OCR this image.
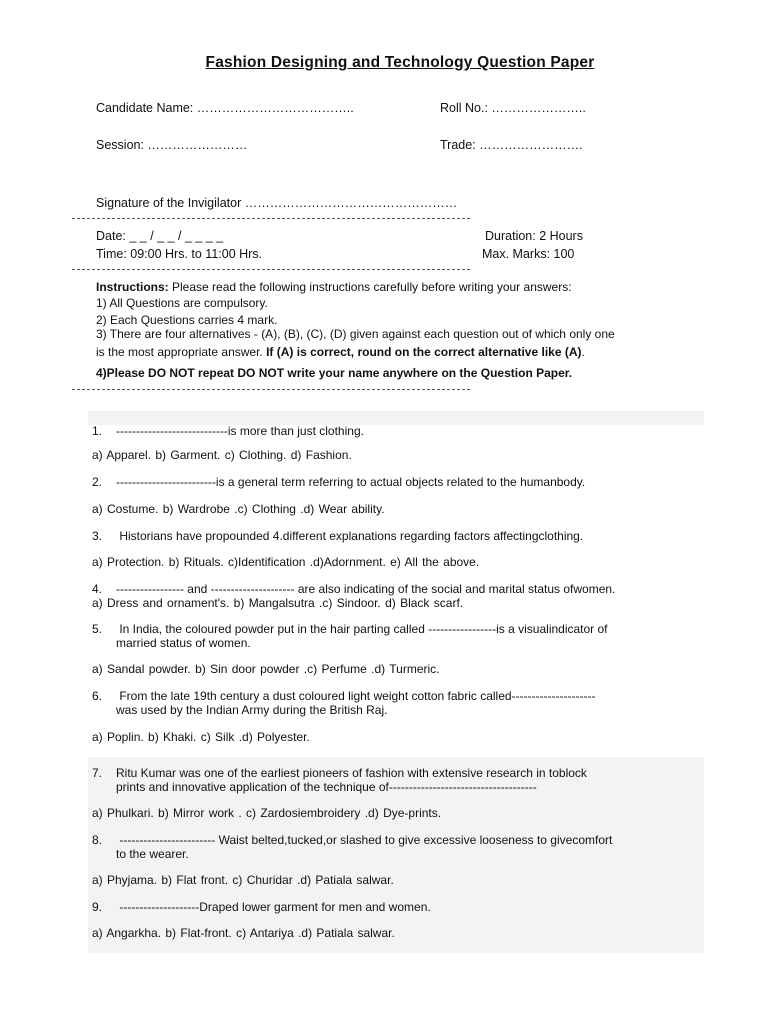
Fashion Designing and Technology Question Paper
Candidate Name: ………………………………..	Roll No.: …………………..
Session: ……………………	Trade: …………………….
Signature of the Invigilator ……………………………………………
Date: _ _ / _ _ / _ _ _ _	Duration: 2 Hours
Time: 09:00 Hrs. to 11:00 Hrs.	Max. Marks: 100
Instructions: Please read the following instructions carefully before writing your answers:
1) All Questions are compulsory.
2) Each Questions carries 4 mark.
3) There are four alternatives - (A), (B), (C), (D) given against each question out of which only one
is the most appropriate answer. If (A) is correct, round on the correct alternative like (A).
4)Please DO NOT repeat DO NOT write your name anywhere on the Question Paper.
1. ----------------------------is more than just clothing.
a) Apparel. b) Garment. c) Clothing. d) Fashion.
2. -------------------------is a general term referring to actual objects related to the humanbody.
a) Costume. b) Wardrobe .c) Clothing .d) Wear ability.
3. Historians have propounded 4.different explanations regarding factors affectingclothing.
a) Protection. b) Rituals. c)Identification .d)Adornment. e) All the above.
4. ----------------- and --------------------- are also indicating of the social and marital status ofwomen.
a) Dress and ornament's. b) Mangalsutra .c) Sindoor. d) Black scarf.
5. In India, the coloured powder put in the hair parting called -----------------is a visualindicator of
married status of women.
a) Sandal powder. b) Sin door powder .c) Perfume .d) Turmeric.
6. From the late 19th century a dust coloured light weight cotton fabric called---------------------
was used by the Indian Army during the British Raj.
a) Poplin. b) Khaki. c) Silk .d) Polyester.
7. Ritu Kumar was one of the earliest pioneers of fashion with extensive research in toblock
prints and innovative application of the technique of-------------------------------------
a) Phulkari. b) Mirror work . c) Zardosiembroidery .d) Dye-prints.
8. ------------------------ Waist belted,tucked,or slashed to give excessive looseness to givecomfort
to the wearer.
a) Phyjama. b) Flat front. c) Churidar .d) Patiala salwar.
9. --------------------Draped lower garment for men and women.
a) Angarkha. b) Flat-front. c) Antariya .d) Patiala salwar.
